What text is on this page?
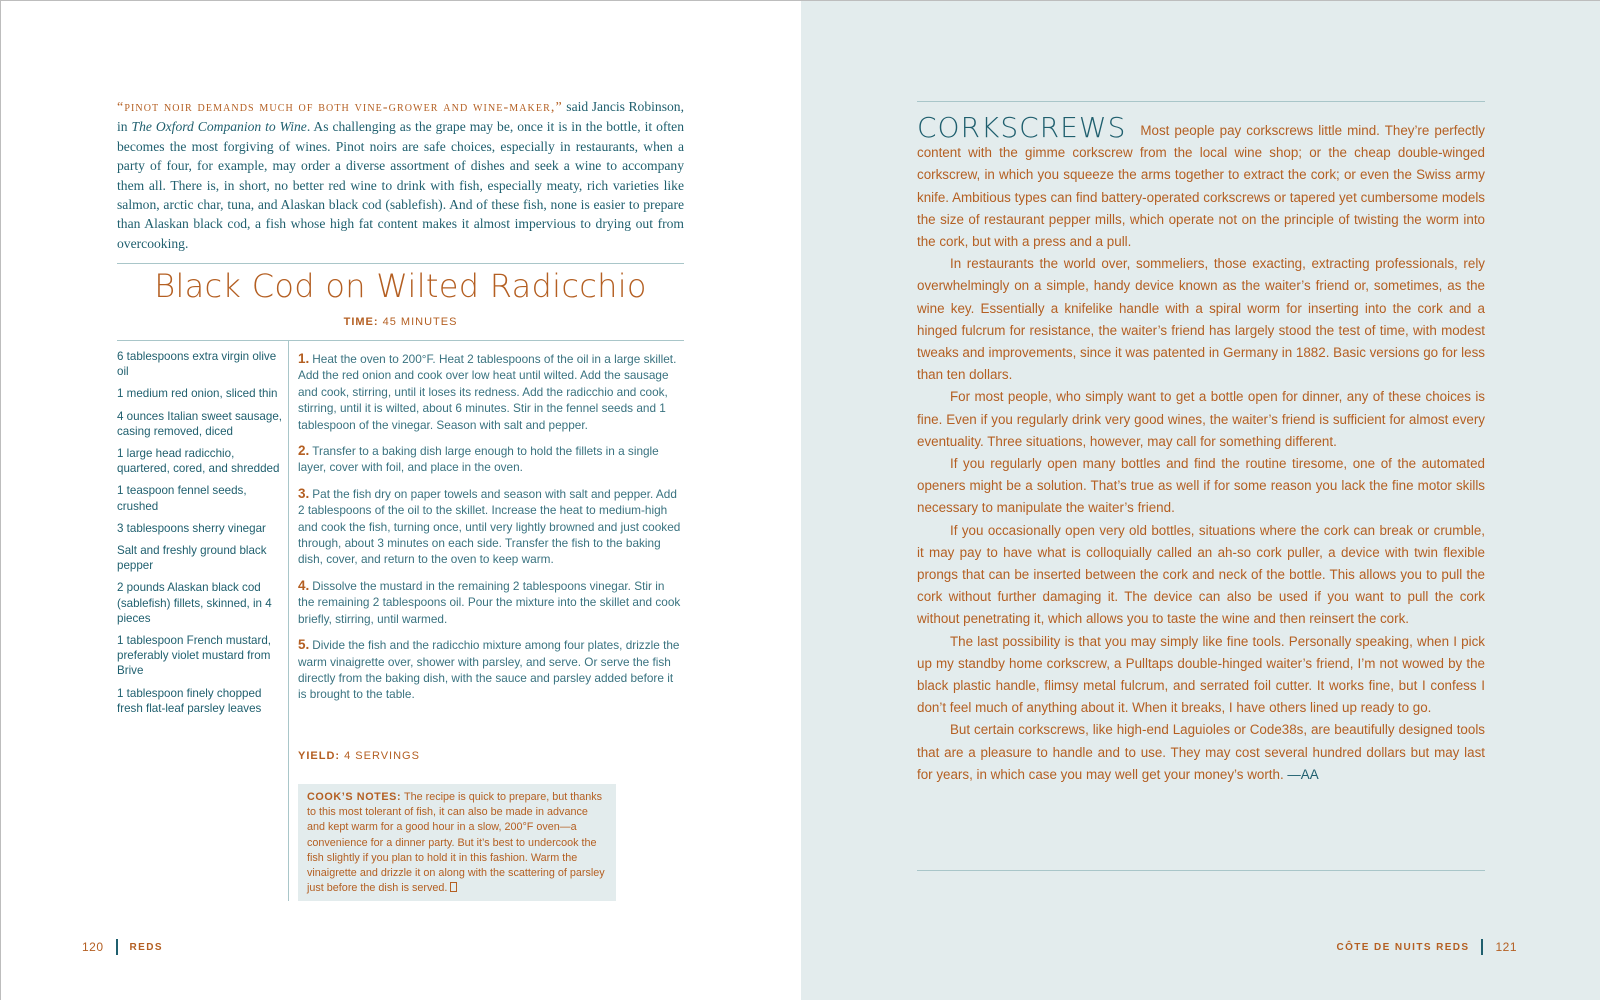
“pinot noir demands much of both vine-grower and wine-maker,” said Jancis Robinson, in The Oxford Companion to Wine. As challenging as the grape may be, once it is in the bottle, it often becomes the most forgiving of wines. Pinot noirs are safe choices, especially in restaurants, when a party of four, for example, may order a diverse assortment of dishes and seek a wine to accompany them all. There is, in short, no better red wine to drink with fish, especially meaty, rich varieties like salmon, arctic char, tuna, and Alaskan black cod (sablefish). And of these fish, none is easier to prepare than Alaskan black cod, a fish whose high fat content makes it almost impervious to drying out from overcooking.
Black Cod on Wilted Radicchio
TIME: 45 MINUTES
6 tablespoons extra virgin olive oil
1 medium red onion, sliced thin
4 ounces Italian sweet sausage, casing removed, diced
1 large head radicchio, quartered, cored, and shredded
1 teaspoon fennel seeds, crushed
3 tablespoons sherry vinegar
Salt and freshly ground black pepper
2 pounds Alaskan black cod (sablefish) fillets, skinned, in 4 pieces
1 tablespoon French mustard, preferably violet mustard from Brive
1 tablespoon finely chopped fresh flat-leaf parsley leaves
1. Heat the oven to 200°F. Heat 2 tablespoons of the oil in a large skillet. Add the red onion and cook over low heat until wilted. Add the sausage and cook, stirring, until it loses its redness. Add the radicchio and cook, stirring, until it is wilted, about 6 minutes. Stir in the fennel seeds and 1 tablespoon of the vinegar. Season with salt and pepper.
2. Transfer to a baking dish large enough to hold the fillets in a single layer, cover with foil, and place in the oven.
3. Pat the fish dry on paper towels and season with salt and pepper. Add 2 tablespoons of the oil to the skillet. Increase the heat to medium-high and cook the fish, turning once, until very lightly browned and just cooked through, about 3 minutes on each side. Transfer the fish to the baking dish, cover, and return to the oven to keep warm.
4. Dissolve the mustard in the remaining 2 tablespoons vinegar. Stir in the remaining 2 tablespoons oil. Pour the mixture into the skillet and cook briefly, stirring, until warmed.
5. Divide the fish and the radicchio mixture among four plates, drizzle the warm vinaigrette over, shower with parsley, and serve. Or serve the fish directly from the baking dish, with the sauce and parsley added before it is brought to the table.
YIELD: 4 SERVINGS
COOK’S NOTES: The recipe is quick to prepare, but thanks to this most tolerant of fish, it can also be made in advance and kept warm for a good hour in a slow, 200°F oven—a convenience for a dinner party. But it’s best to undercook the fish slightly if you plan to hold it in this fashion. Warm the vinaigrette and drizzle it on along with the scattering of parsley just before the dish is served.
120	REDS	CÔTE DE NUITS REDS 121

CORKSCREWS Most people pay corkscrews little mind. They’re perfectly content with the gimme corkscrew from the local wine shop; or the cheap double-winged corkscrew, in which you squeeze the arms together to extract the cork; or even the Swiss army knife. Ambitious types can find battery-operated corkscrews or tapered yet cumbersome models the size of restaurant pepper mills, which operate not on the principle of twisting the worm into the cork, but with a press and a pull.

In restaurants the world over, sommeliers, those exacting, extracting professionals, rely overwhelmingly on a simple, handy device known as the waiter’s friend or, sometimes, as the wine key. Essentially a knifelike handle with a spiral worm for inserting into the cork and a hinged fulcrum for resistance, the waiter’s friend has largely stood the test of time, with modest tweaks and improvements, since it was patented in Germany in 1882. Basic versions go for less than ten dollars.

For most people, who simply want to get a bottle open for dinner, any of these choices is fine. Even if you regularly drink very good wines, the waiter’s friend is sufficient for almost every eventuality. Three situations, however, may call for something different.

If you regularly open many bottles and find the routine tiresome, one of the automated openers might be a solution. That’s true as well if for some reason you lack the fine motor skills necessary to manipulate the waiter’s friend.

If you occasionally open very old bottles, situations where the cork can break or crumble, it may pay to have what is colloquially called an ah-so cork puller, a device with twin flexible prongs that can be inserted between the cork and neck of the bottle. This allows you to pull the cork without further damaging it. The device can also be used if you want to pull the cork without penetrating it, which allows you to taste the wine and then reinsert the cork.

The last possibility is that you may simply like fine tools. Personally speaking, when I pick up my standby home corkscrew, a Pulltaps double-hinged waiter’s friend, I’m not wowed by the black plastic handle, flimsy metal fulcrum, and serrated foil cutter. It works fine, but I confess I don’t feel much of anything about it. When it breaks, I have others lined up ready to go.

But certain corkscrews, like high-end Laguioles or Code38s, are beautifully designed tools that are a pleasure to handle and to use. They may cost several hundred dollars but may last for years, in which case you may well get your money’s worth. —AA
